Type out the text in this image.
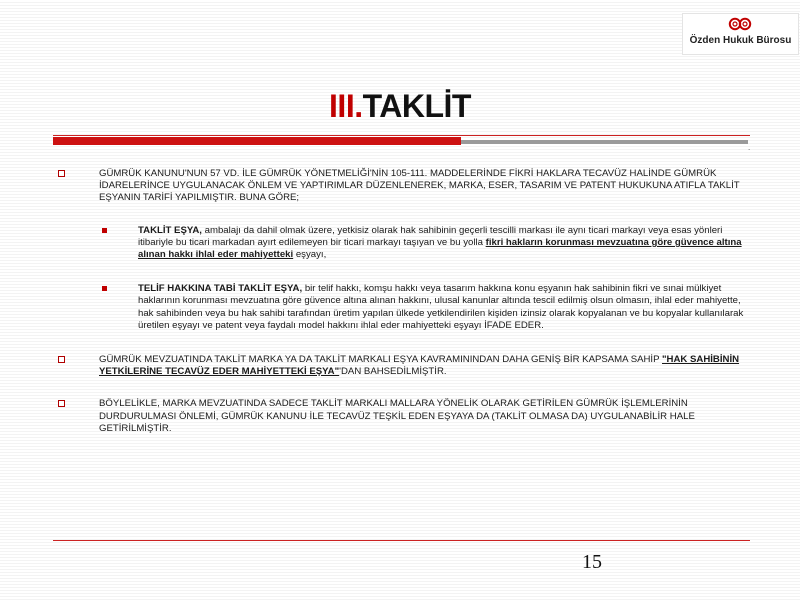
Özden Hukuk Bürosu
III.TAKLİT
.

GÜMRÜK KANUNU'NUN 57 VD. İLE GÜMRÜK YÖNETMELİĞİ'NİN 105-111. MADDELERİNDE FİKRİ HAKLARA TECAVÜZ HALİNDE GÜMRÜK İDARELERİNCE UYGULANACAK ÖNLEM VE YAPTIRIMLAR DÜZENLENEREK, MARKA, ESER, TASARIM VE PATENT HUKUKUNA ATIFLA TAKLİT EŞYANIN TARİFİ YAPILMIŞTIR. BUNA GÖRE;

TAKLİT EŞYA, ambalajı da dahil olmak üzere, yetkisiz olarak hak sahibinin geçerli tescilli markası ile aynı ticari markayı veya esas yönleri itibariyle bu ticari markadan ayırt edilemeyen bir ticari markayı taşıyan ve bu yolla fikri hakların korunması mevzuatına göre güvence altına alınan hakkı ihlal eder mahiyetteki eşyayı,

TELİF HAKKINA TABİ TAKLİT EŞYA, bir telif hakkı, komşu hakkı veya tasarım hakkına konu eşyanın hak sahibinin fikri ve sınai mülkiyet haklarının korunması mevzuatına göre güvence altına alınan hakkını, ulusal kanunlar altında tescil edilmiş olsun olmasın, ihlal eder mahiyette, hak sahibinden veya bu hak sahibi tarafından üretim yapılan ülkede yetkilendirilen kişiden izinsiz olarak kopyalanan ve bu kopyalar kullanılarak üretilen eşyayı ve patent veya faydalı model hakkını ihlal eder mahiyetteki eşyayı İFADE EDER.

GÜMRÜK MEVZUATINDA TAKLİT MARKA YA DA TAKLİT MARKALI EŞYA KAVRAMININDAN DAHA GENİŞ BİR KAPSAMA SAHİP "HAK SAHİBİNİN YETKİLERİNE TECAVÜZ EDER MAHİYETTEKİ EŞYA"'DAN BAHSEDİLMİŞTİR.

BÖYLELİKLE, MARKA MEVZUATINDA SADECE TAKLİT MARKALI MALLARA YÖNELİK OLARAK GETİRİLEN GÜMRÜK İŞLEMLERİNİN DURDURULMASI ÖNLEMİ, GÜMRÜK KANUNU İLE TECAVÜZ TEŞKİL EDEN EŞYAYA DA (TAKLİT OLMASA DA) UYGULANABİLİR HALE GETİRİLMİŞTİR.

15
